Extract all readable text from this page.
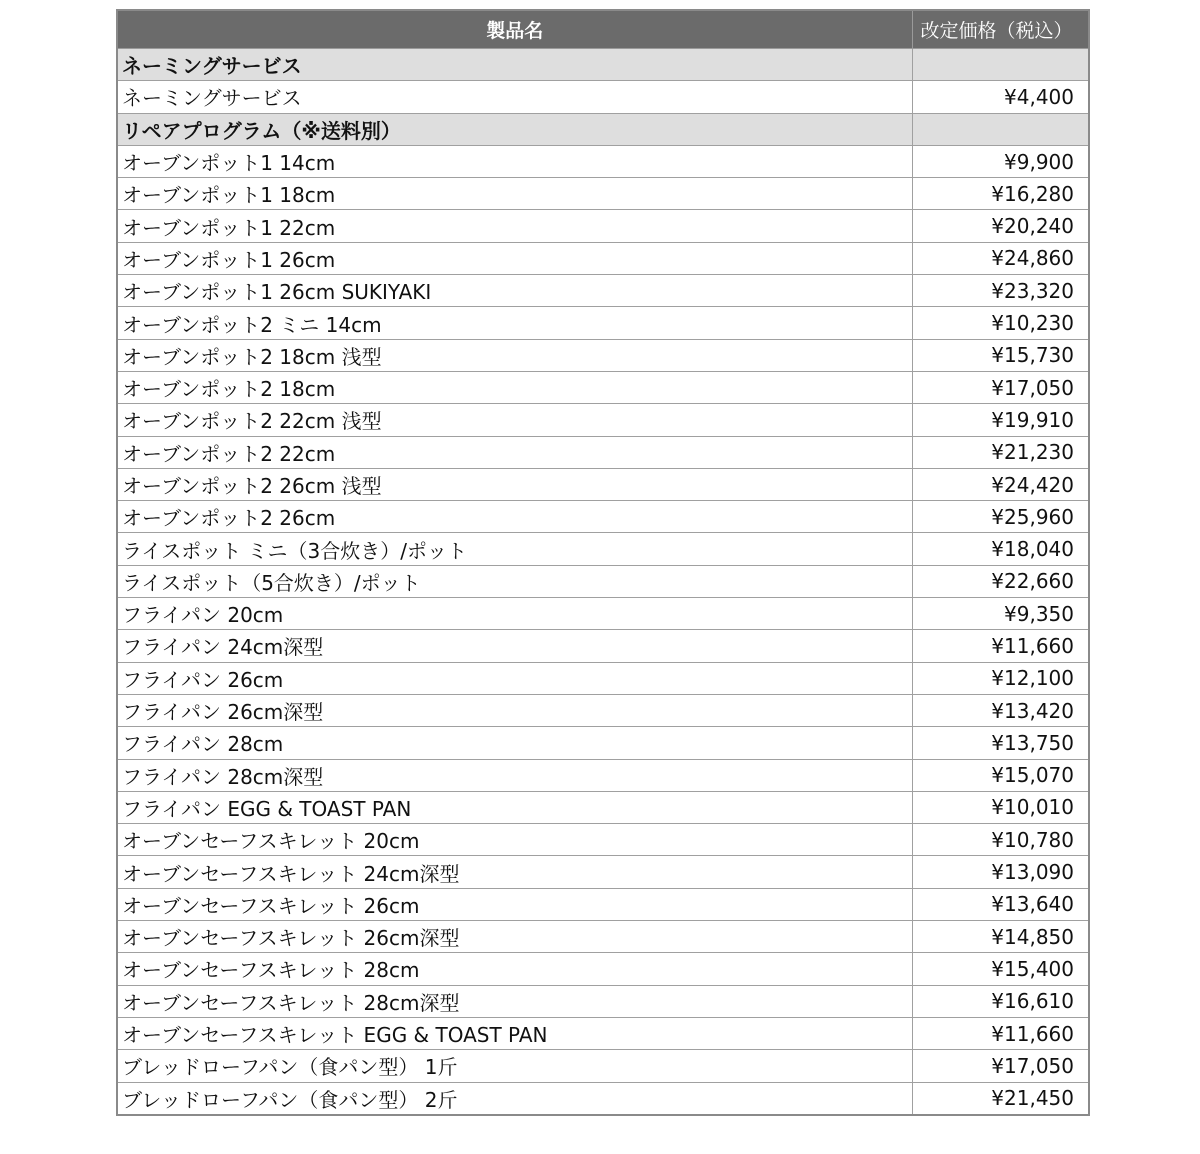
製品名	改定価格（税込）
ネーミングサービス	
ネーミングサービス	¥4,400
リペアプログラム（※送料別）	
オーブンポット1 14cm	¥9,900
オーブンポット1 18cm	¥16,280
オーブンポット1 22cm	¥20,240
オーブンポット1 26cm	¥24,860
オーブンポット1 26cm SUKIYAKI	¥23,320
オーブンポット2 ミニ 14cm	¥10,230
オーブンポット2 18cm 浅型	¥15,730
オーブンポット2 18cm	¥17,050
オーブンポット2 22cm 浅型	¥19,910
オーブンポット2 22cm	¥21,230
オーブンポット2 26cm 浅型	¥24,420
オーブンポット2 26cm	¥25,960
ライスポット ミニ（3合炊き）/ポット	¥18,040
ライスポット（5合炊き）/ポット	¥22,660
フライパン 20cm	¥9,350
フライパン 24cm深型	¥11,660
フライパン 26cm	¥12,100
フライパン 26cm深型	¥13,420
フライパン 28cm	¥13,750
フライパン 28cm深型	¥15,070
フライパン EGG & TOAST PAN	¥10,010
オーブンセーフスキレット 20cm	¥10,780
オーブンセーフスキレット 24cm深型	¥13,090
オーブンセーフスキレット 26cm	¥13,640
オーブンセーフスキレット 26cm深型	¥14,850
オーブンセーフスキレット 28cm	¥15,400
オーブンセーフスキレット 28cm深型	¥16,610
オーブンセーフスキレット EGG & TOAST PAN	¥11,660
ブレッドローフパン（食パン型） 1斤	¥17,050
ブレッドローフパン（食パン型） 2斤	¥21,450
